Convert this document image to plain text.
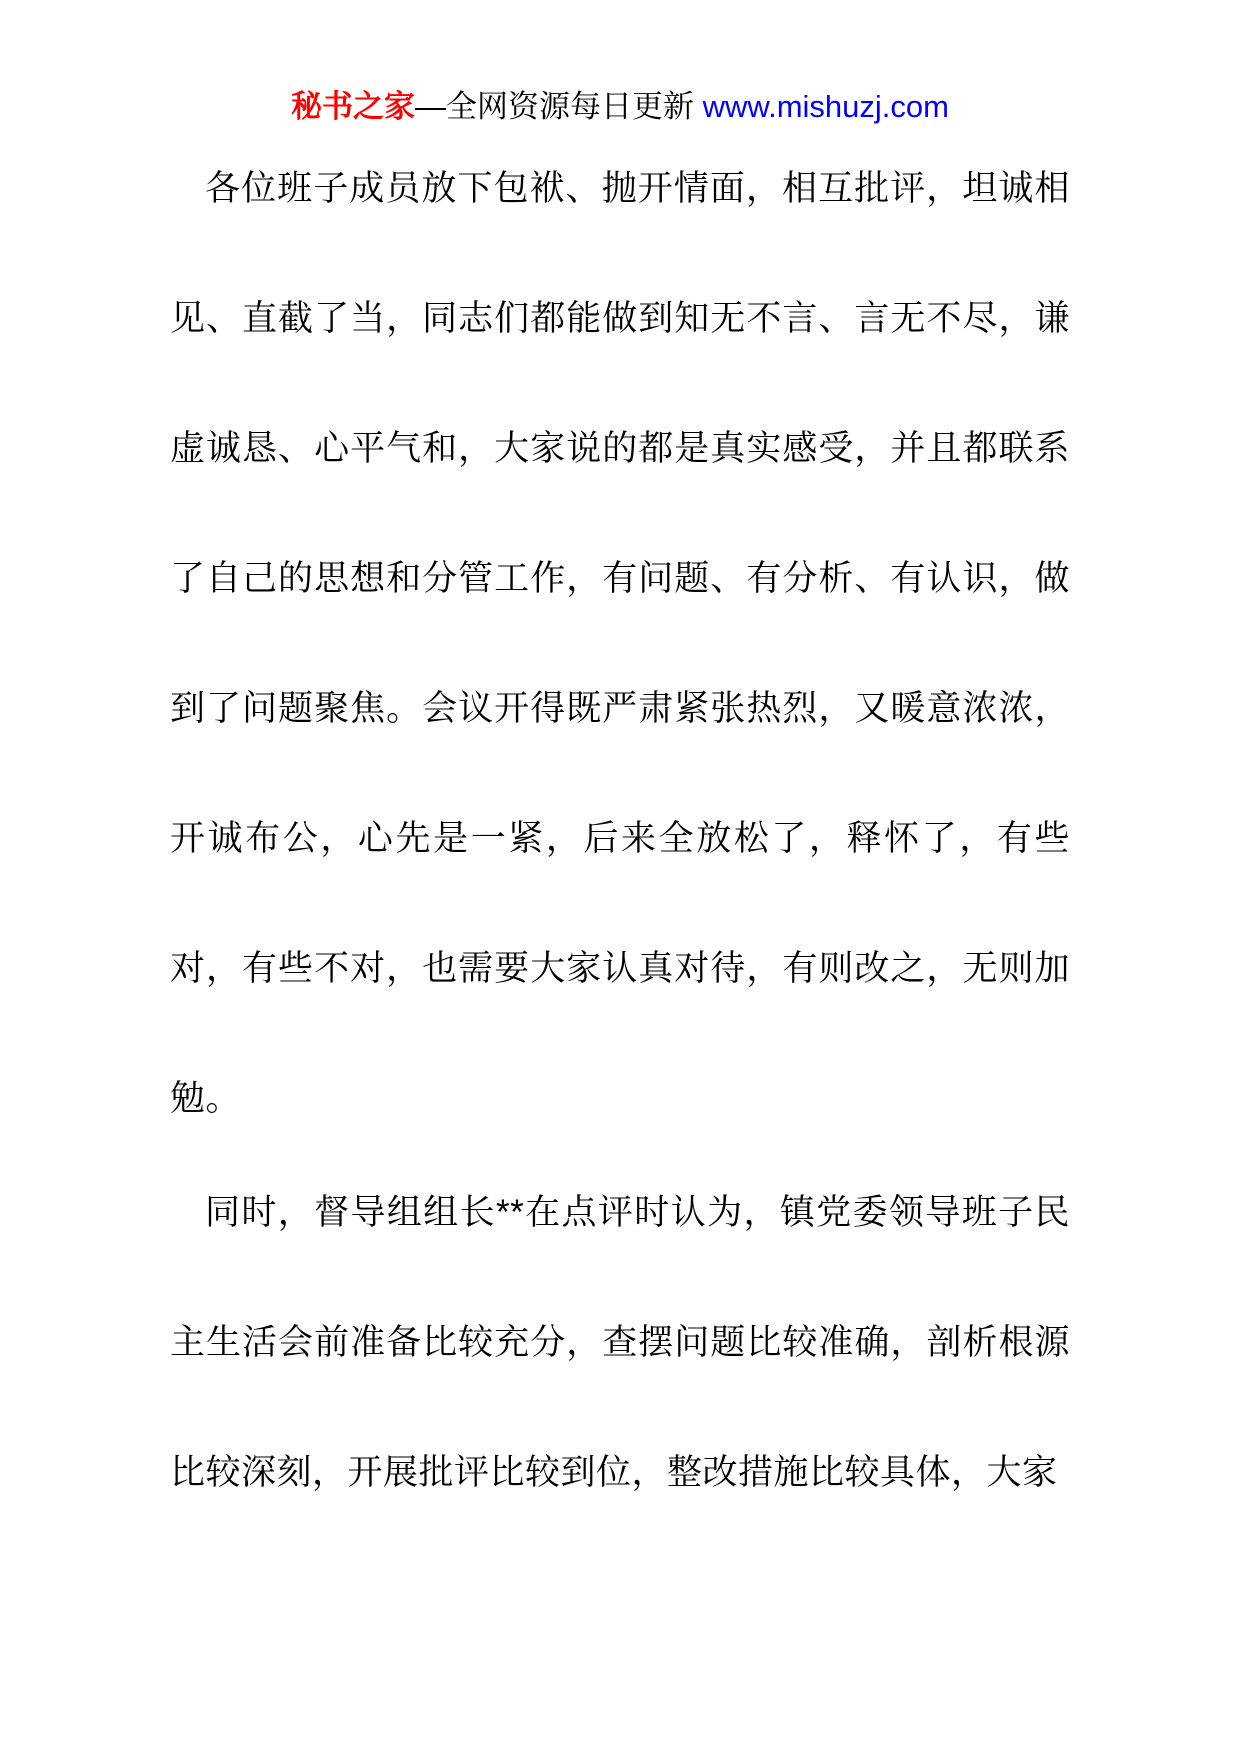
秘书之家—全网资源每日更新 www.mishuzj.com

各位班子成员放下包袱、抛开情面，相互批评，坦诚相见、直截了当，同志们都能做到知无不言、言无不尽，谦虚诚恳、心平气和，大家说的都是真实感受，并且都联系了自己的思想和分管工作，有问题、有分析、有认识，做到了问题聚焦。会议开得既严肃紧张热烈，又暖意浓浓，开诚布公，心先是一紧，后来全放松了，释怀了，有些对，有些不对，也需要大家认真对待，有则改之，无则加勉。

同时，督导组组长**在点评时认为，镇党委领导班子民主生活会前准备比较充分，查摆问题比较准确，剖析根源比较深刻，开展批评比较到位，整改措施比较具体，大家
